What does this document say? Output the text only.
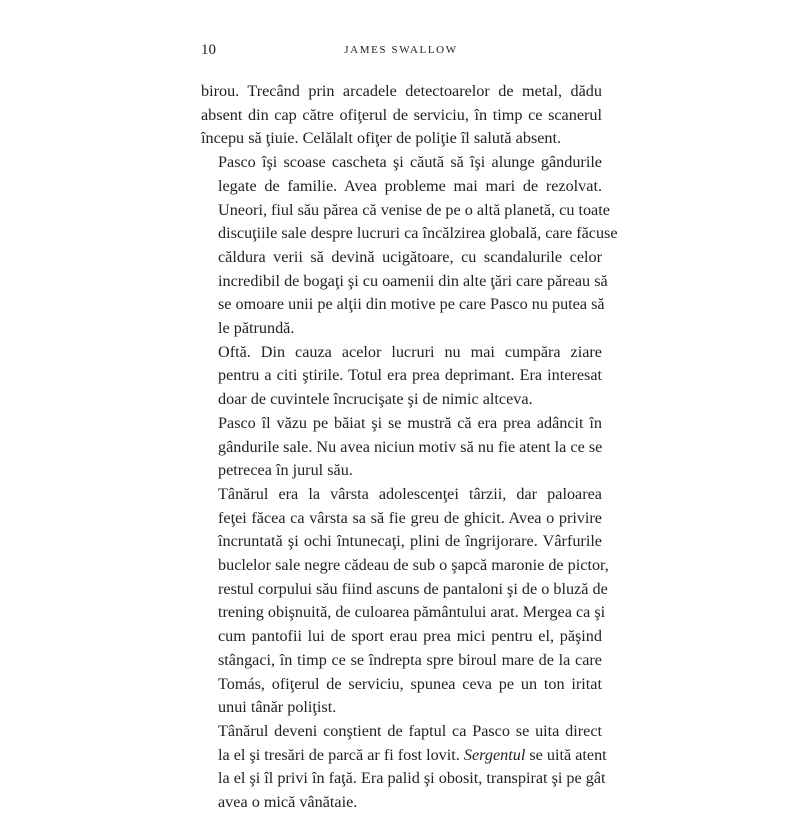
10	JAMES SWALLOW

birou. Trecând prin arcadele detectoarelor de metal, dădu
absent din cap către ofiţerul de serviciu, în timp ce scanerul
începu să ţiuie. Celălalt ofiţer de poliţie îl salută absent.

Pasco îşi scoase cascheta şi căută să îşi alunge gândurile
legate de familie. Avea probleme mai mari de rezolvat.
Uneori, fiul său părea că venise de pe o altă planetă, cu toate
discuţiile sale despre lucruri ca încălzirea globală, care făcuse
căldura verii să devină ucigătoare, cu scandalurile celor
incredibil de bogaţi şi cu oamenii din alte ţări care păreau să
se omoare unii pe alţii din motive pe care Pasco nu putea să
le pătrundă.

Oftă. Din cauza acelor lucruri nu mai cumpăra ziare
pentru a citi ştirile. Totul era prea deprimant. Era interesat
doar de cuvintele încrucişate şi de nimic altceva.

Pasco îl văzu pe băiat şi se mustră că era prea adâncit în
gândurile sale. Nu avea niciun motiv să nu fie atent la ce se
petrecea în jurul său.

Tânărul era la vârsta adolescenţei târzii, dar paloarea
feţei făcea ca vârsta sa să fie greu de ghicit. Avea o privire
încruntată şi ochi întunecaţi, plini de îngrijorare. Vârfurile
buclelor sale negre cădeau de sub o şapcă maronie de pictor,
restul corpului său fiind ascuns de pantaloni şi de o bluză de
trening obişnuită, de culoarea pământului arat. Mergea ca şi
cum pantofii lui de sport erau prea mici pentru el, păşind
stângaci, în timp ce se îndrepta spre biroul mare de la care
Tomás, ofiţerul de serviciu, spunea ceva pe un ton iritat
unui tânăr poliţist.

Tânărul deveni conştient de faptul ca Pasco se uita direct
la el şi tresări de parcă ar fi fost lovit. Sergentul se uită atent
la el şi îl privi în faţă. Era palid şi obosit, transpirat şi pe gât
avea o mică vânătaie.
